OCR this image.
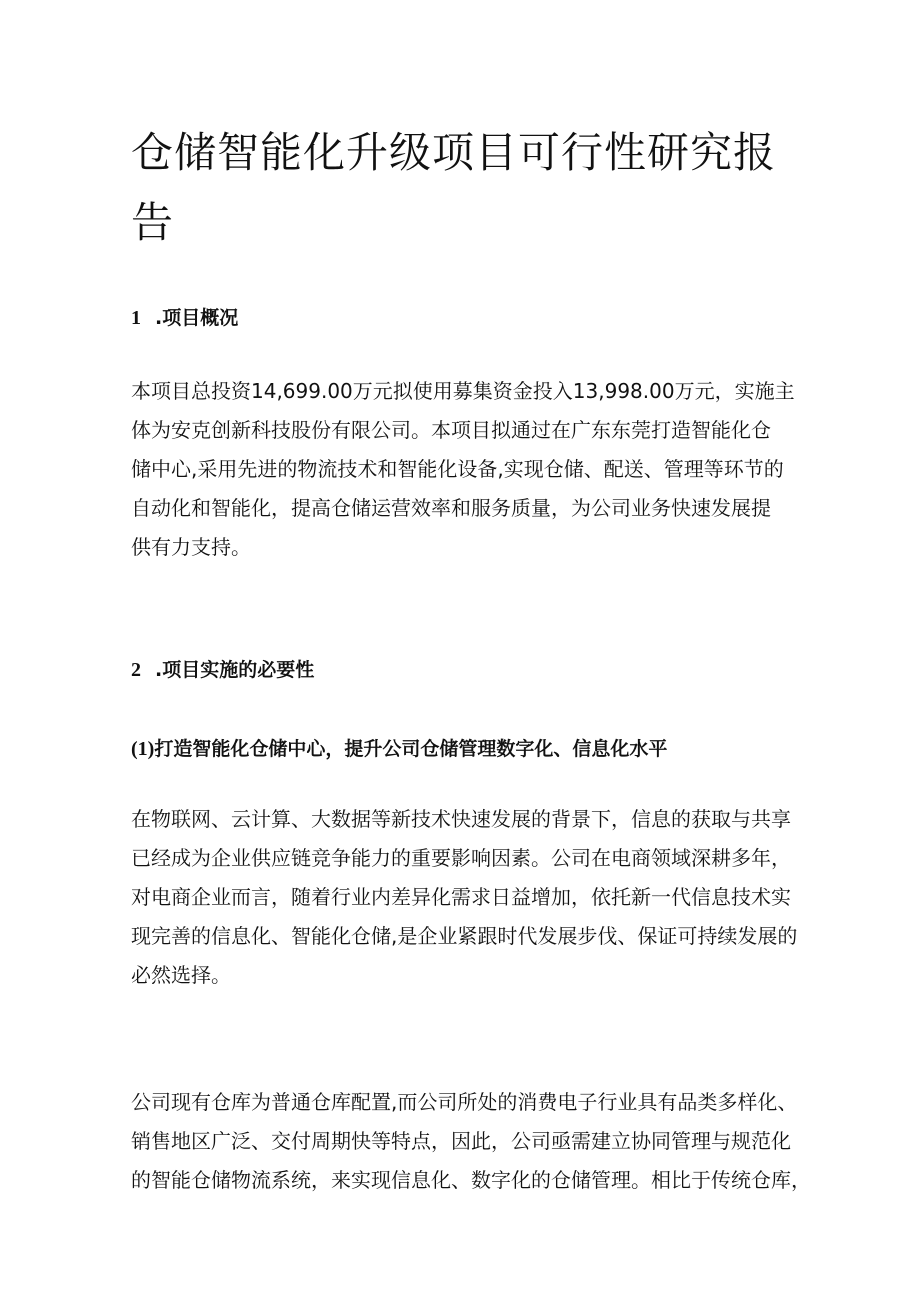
仓储智能化升级项目可行性研究报告
1 .项目概况
本项目总投资14,699.00万元拟使用募集资金投入13,998.00万元，实施主
体为安克创新科技股份有限公司。本项目拟通过在广东东莞打造智能化仓
储中心,采用先进的物流技术和智能化设备,实现仓储、配送、管理等环节的
自动化和智能化，提高仓储运营效率和服务质量，为公司业务快速发展提
供有力支持。
2 .项目实施的必要性
(1)打造智能化仓储中心，提升公司仓储管理数字化、信息化水平
在物联网、云计算、大数据等新技术快速发展的背景下，信息的获取与共享
已经成为企业供应链竞争能力的重要影响因素。公司在电商领域深耕多年，
对电商企业而言，随着行业内差异化需求日益增加，依托新一代信息技术实
现完善的信息化、智能化仓储,是企业紧跟时代发展步伐、保证可持续发展的
必然选择。
公司现有仓库为普通仓库配置,而公司所处的消费电子行业具有品类多样化、
销售地区广泛、交付周期快等特点，因此，公司亟需建立协同管理与规范化
的智能仓储物流系统，来实现信息化、数字化的仓储管理。相比于传统仓库，
